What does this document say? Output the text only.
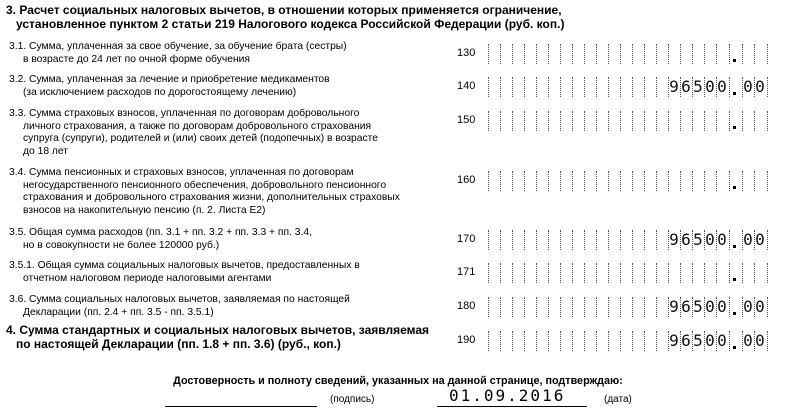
3. Расчет социальных налоговых вычетов, в отношении которых применяется ограничение,
установленное пунктом 2 статьи 219 Налогового кодекса Российской Федерации (руб. коп.)
3.1. Сумма, уплаченная за свое обучение, за обучение брата (сестры)

в возрасте до 24 лет по очной форме обучения
130
3.2. Сумма, уплаченная за лечение и приобретение медикаментов

(за исключением расходов по дорогостоящему лечению)
140	9 6 5 0 0 0 0
3.3. Сумма страховых взносов, уплаченная по договорам добровольного

личного страхования, а также по договорам добровольного страхования
супруга (супруги), родителей и (или) своих детей (подопечных) в возрасте
до 18 лет
150
3.4. Сумма пенсионных и страховых взносов, уплаченная по договорам

негосударственного пенсионного обеспечения, добровольного пенсионного
страхования и добровольного страхования жизни, дополнительных страховых
взносов на накопительную пенсию (п. 2. Листа Е2)
160
3.5. Общая сумма расходов (пп. 3.1 + пп. 3.2 + пп. 3.3 + пп. 3.4,

но в совокупности не более 120000 руб.)
170	9 6 5 0 0 0 0
3.5.1. Общая сумма социальных налоговых вычетов, предоставленных в

отчетном налоговом периоде налоговыми агентами
171
3.6. Сумма социальных налоговых вычетов, заявляемая по настоящей

Декларации (пп. 2.4 + пп. 3.5 - пп. 3.5.1)
180	9 6 5 0 0 0 0
4. Сумма стандартных и социальных налоговых вычетов, заявляемая

по настоящей Декларации (пп. 1.8 + пп. 3.6) (руб., коп.)	190	9 6 5 0 0 0 0
Достоверность и полноту сведений, указанных на данной странице, подтверждаю:
(подпись)	01.09.2016	(дата)
